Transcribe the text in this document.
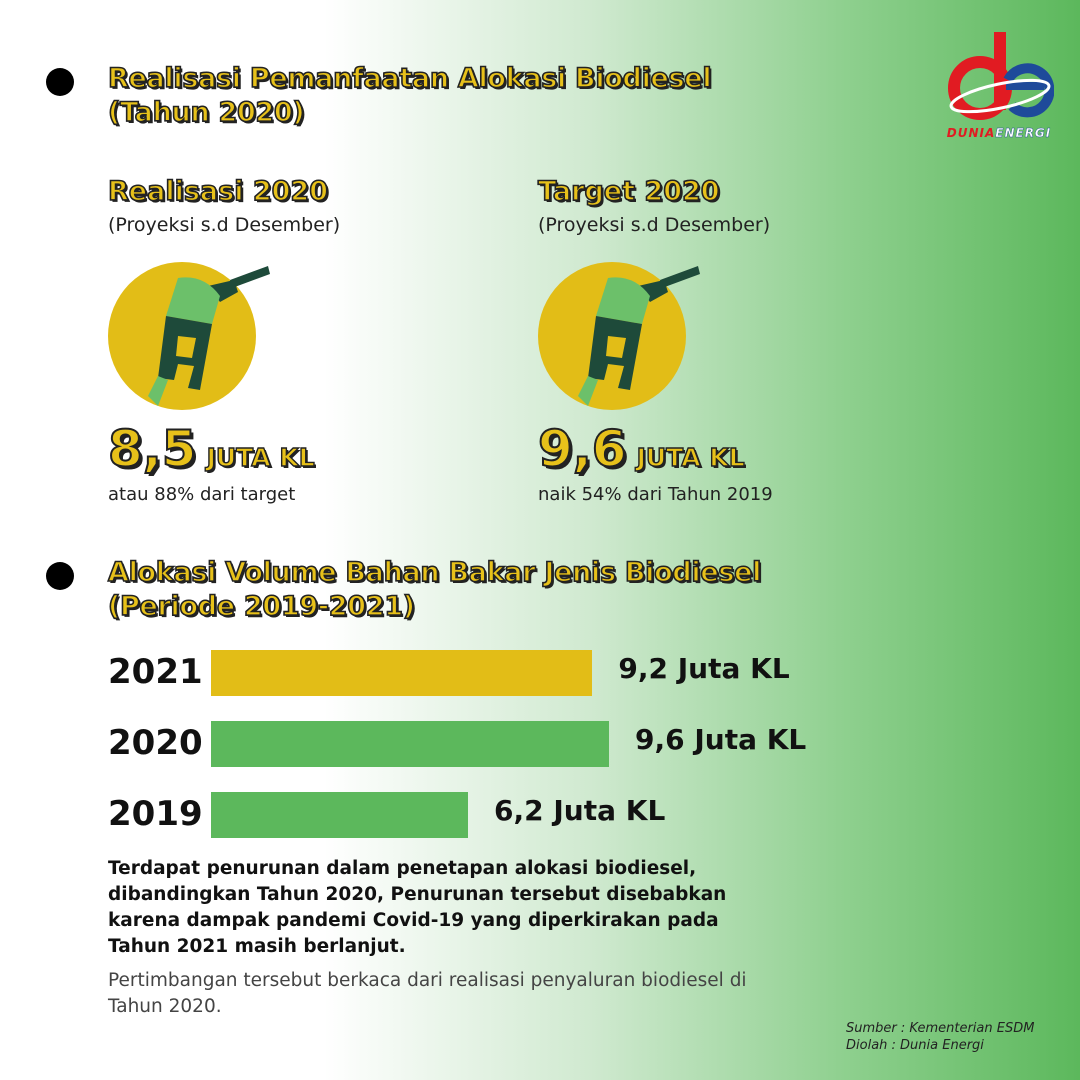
DUNIAENERGI
Realisasi Pemanfaatan Alokasi Biodiesel
(Tahun 2020)
Realisasi 2020
(Proyeksi s.d Desember)
8,5 JUTA KL
atau 88% dari target
Target 2020
(Proyeksi s.d Desember)
9,6 JUTA KL
naik 54% dari Tahun 2019
Alokasi Volume Bahan Bakar Jenis Biodiesel
(Periode 2019-2021)
2021	9,2 Juta KL
2020	9,6 Juta KL
2019	6,2 Juta KL
Terdapat penurunan dalam penetapan alokasi biodiesel, dibandingkan Tahun 2020, Penurunan tersebut disebabkan karena dampak pandemi Covid-19 yang diperkirakan pada Tahun 2021 masih berlanjut.
Pertimbangan tersebut berkaca dari realisasi penyaluran biodiesel di Tahun 2020.
Sumber : Kementerian ESDM
Diolah : Dunia Energi
